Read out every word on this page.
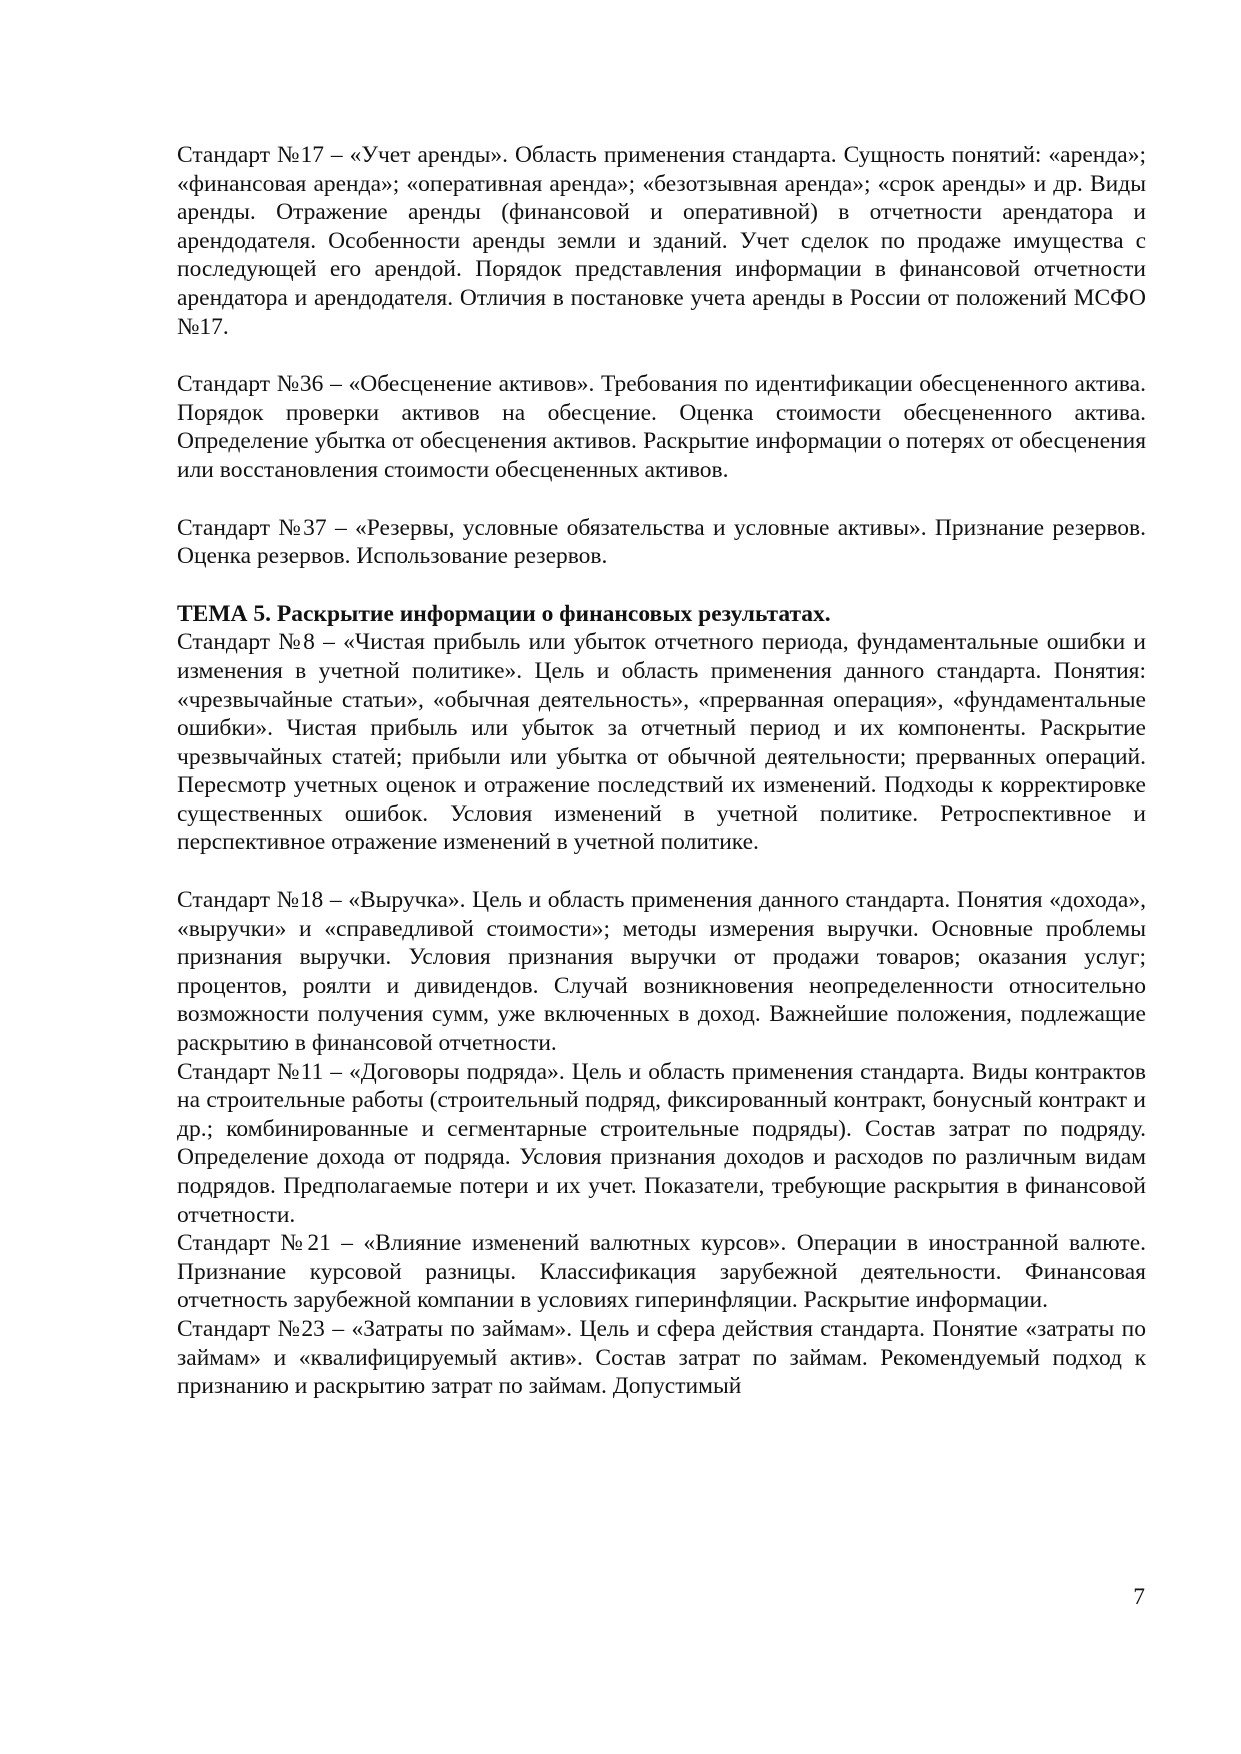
Стандарт №17 – «Учет аренды». Область применения стандарта. Сущность понятий: «аренда»; «финансовая аренда»; «оперативная аренда»; «безотзывная аренда»; «срок аренды» и др. Виды аренды. Отражение аренды (финансовой и оперативной) в отчетности арендатора и арендодателя. Особенности аренды земли и зданий. Учет сделок по продаже имущества с последующей его арендой. Порядок представления информации в финансовой отчетности арендатора и арендодателя. Отличия в постановке учета аренды в России от положений МСФО №17.

Стандарт №36 – «Обесценение активов». Требования по идентификации обесцененного актива. Порядок проверки активов на обесцение. Оценка стоимости обесцененного актива. Определение убытка от обесценения активов. Раскрытие информации о потерях от обесценения или восстановления стоимости обесцененных активов.

Стандарт №37 – «Резервы, условные обязательства и условные активы». Признание резервов. Оценка резервов. Использование резервов.

ТЕМА 5. Раскрытие информации о финансовых результатах.

Стандарт №8 – «Чистая прибыль или убыток отчетного периода, фундаментальные ошибки и изменения в учетной политике». Цель и область применения данного стандарта. Понятия: «чрезвычайные статьи», «обычная деятельность», «прерванная операция», «фундаментальные ошибки». Чистая прибыль или убыток за отчетный период и их компоненты. Раскрытие чрезвычайных статей; прибыли или убытка от обычной деятельности; прерванных операций. Пересмотр учетных оценок и отражение последствий их изменений. Подходы к корректировке существенных ошибок. Условия изменений в учетной политике. Ретроспективное и перспективное отражение изменений в учетной политике.

Стандарт №18 – «Выручка». Цель и область применения данного стандарта. Понятия «дохода», «выручки» и «справедливой стоимости»; методы измерения выручки. Основные проблемы признания выручки. Условия признания выручки от продажи товаров; оказания услуг; процентов, роялти и дивидендов. Случай возникновения неопределенности относительно возможности получения сумм, уже включенных в доход. Важнейшие положения, подлежащие раскрытию в финансовой отчетности.

Стандарт №11 – «Договоры подряда». Цель и область применения стандарта. Виды контрактов на строительные работы (строительный подряд, фиксированный контракт, бонусный контракт и др.; комбинированные и сегментарные строительные подряды). Состав затрат по подряду. Определение дохода от подряда. Условия признания доходов и расходов по различным видам подрядов. Предполагаемые потери и их учет. Показатели, требующие раскрытия в финансовой отчетности.

Стандарт №21 – «Влияние изменений валютных курсов». Операции в иностранной валюте. Признание курсовой разницы. Классификация зарубежной деятельности. Финансовая отчетность зарубежной компании в условиях гиперинфляции. Раскрытие информации.

Стандарт №23 – «Затраты по займам». Цель и сфера действия стандарта. Понятие «затраты по займам» и «квалифицируемый актив». Состав затрат по займам. Рекомендуемый подход к признанию и раскрытию затрат по займам. Допустимый

7
